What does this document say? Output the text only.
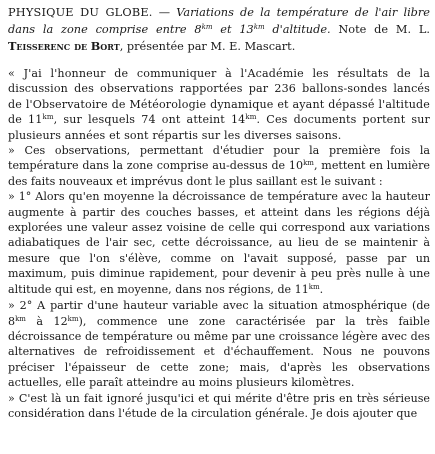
PHYSIQUE DU GLOBE. — Variations de la température de l'air libre dans la zone comprise entre $8^{km}$ et $13^{km}$ d'altitude. Note de M. L. Teisserenc de Bort, présentée par M. E. Mascart.

« J'ai l'honneur de communiquer à l'Académie les résultats de la discussion des observations rapportées par 236 ballons-sondes lancés de l'Observatoire de Météorologie dynamique et ayant dépassé l'altitude de $11^{km}$, sur lesquels 74 ont atteint $14^{km}$. Ces documents portent sur plusieurs années et sont répartis sur les diverses saisons.

» Ces observations, permettant d'étudier pour la première fois la température dans la zone comprise au-dessus de $10^{km}$, mettent en lumière des faits nouveaux et imprévus dont le plus saillant est le suivant :

» 1° Alors qu'en moyenne la décroissance de température avec la hauteur augmente à partir des couches basses, et atteint dans les régions déjà explorées une valeur assez voisine de celle qui correspond aux variations adiabatiques de l'air sec, cette décroissance, au lieu de se maintenir à mesure que l'on s'élève, comme on l'avait supposé, passe par un maximum, puis diminue rapidement, pour devenir à peu près nulle à une altitude qui est, en moyenne, dans nos régions, de $11^{km}$.

» 2° A partir d'une hauteur variable avec la situation atmosphérique (de $8^{km}$ à $12^{km}$), commence une zone caractérisée par la très faible décroissance de température ou même par une croissance légère avec des alternatives de refroidissement et d'échauffement. Nous ne pouvons préciser l'épaisseur de cette zone; mais, d'après les observations actuelles, elle paraît atteindre au moins plusieurs kilomètres.

» C'est là un fait ignoré jusqu'ici et qui mérite d'être pris en très sérieuse considération dans l'étude de la circulation générale. Je dois ajouter que
